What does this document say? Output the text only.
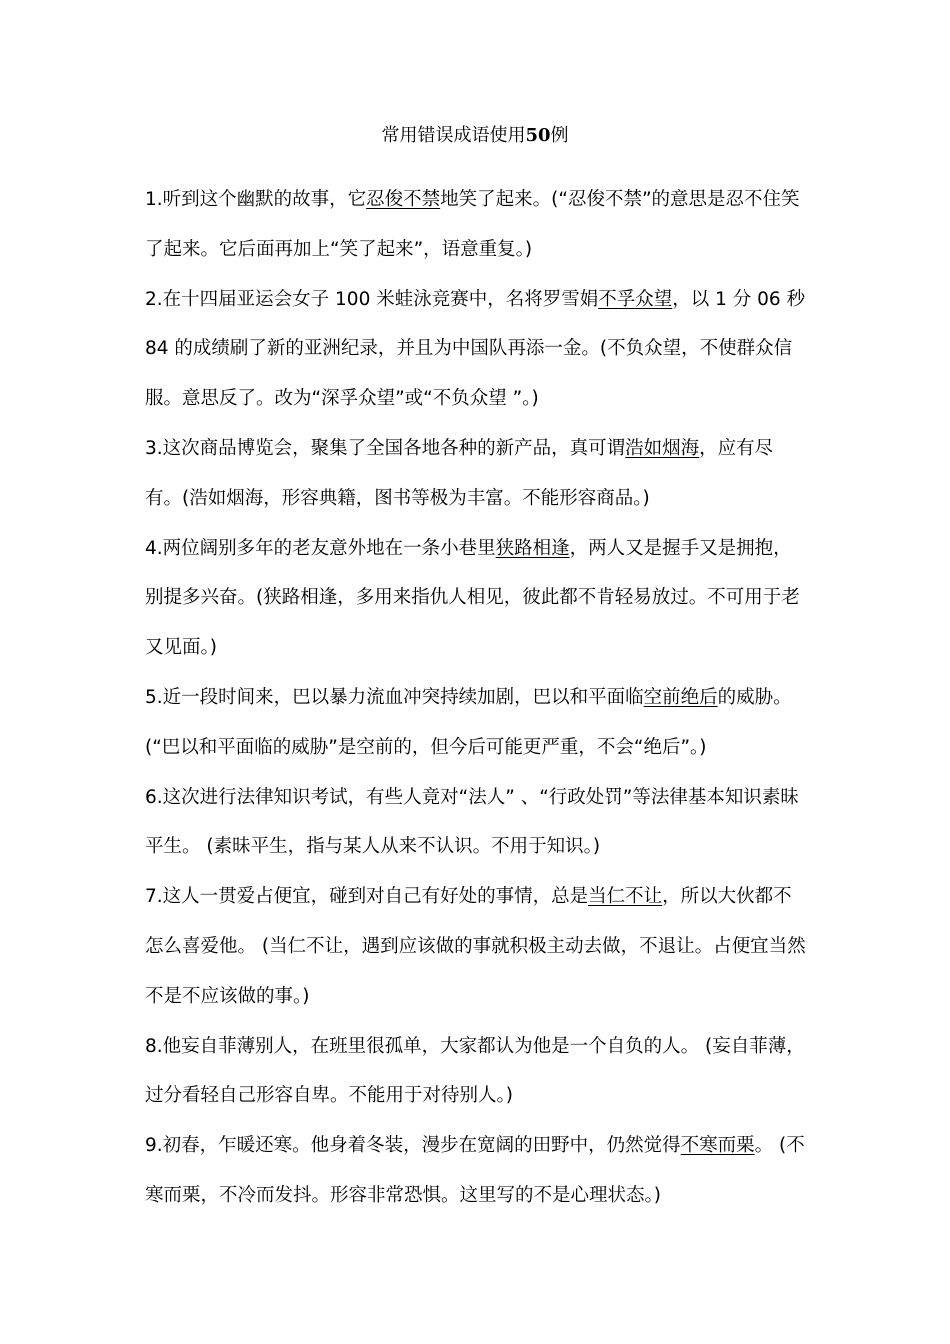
常用错误成语使用50例

1.听到这个幽默的故事，它忍俊不禁地笑了起来。(“忍俊不禁”的意思是忍不住笑了起来。它后面再加上“笑了起来”，语意重复。)

2.在十四届亚运会女子 100 米蛙泳竞赛中，名将罗雪娟不孚众望，以 1 分 06 秒 84 的成绩刷了新的亚洲纪录，并且为中国队再添一金。(不负众望，不使群众信服。意思反了。改为“深孚众望”或“不负众望 ”。)

3.这次商品博览会，聚集了全国各地各种的新产品，真可谓浩如烟海，应有尽有。(浩如烟海，形容典籍，图书等极为丰富。不能形容商品。)

4.两位阔别多年的老友意外地在一条小巷里狭路相逢，两人又是握手又是拥抱，别提多兴奋。(狭路相逢，多用来指仇人相见，彼此都不肯轻易放过。不可用于老又见面。)

5.近一段时间来，巴以暴力流血冲突持续加剧，巴以和平面临空前绝后的威胁。(“巴以和平面临的威胁”是空前的，但今后可能更严重，不会“绝后”。)

6.这次进行法律知识考试，有些人竟对“法人” 、“行政处罚”等法律基本知识素昧平生。 (素昧平生，指与某人从来不认识。不用于知识。)

7.这人一贯爱占便宜，碰到对自己有好处的事情，总是当仁不让，所以大伙都不怎么喜爱他。 (当仁不让，遇到应该做的事就积极主动去做，不退让。占便宜当然不是不应该做的事。)

8.他妄自菲薄别人，在班里很孤单，大家都认为他是一个自负的人。 (妄自菲薄，过分看轻自己形容自卑。不能用于对待别人。)

9.初春，乍暖还寒。他身着冬装，漫步在宽阔的田野中，仍然觉得不寒而栗。 (不寒而栗，不冷而发抖。形容非常恐惧。这里写的不是心理状态。)
